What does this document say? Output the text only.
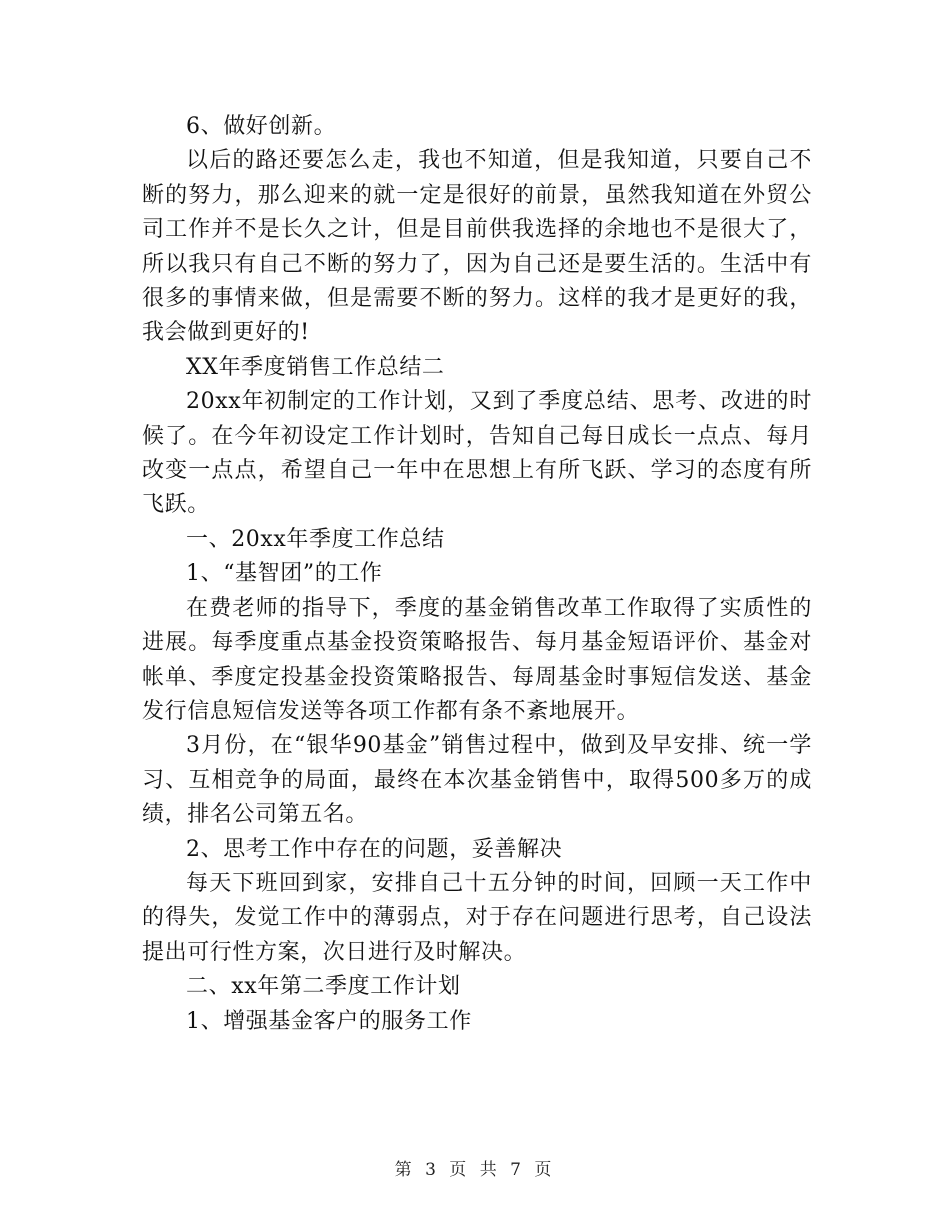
6、做好创新。

以后的路还要怎么走，我也不知道，但是我知道，只要自己不断的努力，那么迎来的就一定是很好的前景，虽然我知道在外贸公司工作并不是长久之计，但是目前供我选择的余地也不是很大了，所以我只有自己不断的努力了，因为自己还是要生活的。生活中有很多的事情来做，但是需要不断的努力。这样的我才是更好的我，我会做到更好的!

XX年季度销售工作总结二

20xx年初制定的工作计划，又到了季度总结、思考、改进的时候了。在今年初设定工作计划时，告知自己每日成长一点点、每月改变一点点，希望自己一年中在思想上有所飞跃、学习的态度有所飞跃。

一、20xx年季度工作总结

1、“基智团”的工作

在费老师的指导下，季度的基金销售改革工作取得了实质性的进展。每季度重点基金投资策略报告、每月基金短语评价、基金对帐单、季度定投基金投资策略报告、每周基金时事短信发送、基金发行信息短信发送等各项工作都有条不紊地展开。

3月份，在“银华90基金”销售过程中，做到及早安排、统一学习、互相竞争的局面，最终在本次基金销售中，取得500多万的成绩，排名公司第五名。

2、思考工作中存在的问题，妥善解决

每天下班回到家，安排自己十五分钟的时间，回顾一天工作中的得失，发觉工作中的薄弱点，对于存在问题进行思考，自己设法提出可行性方案，次日进行及时解决。

二、xx年第二季度工作计划

1、增强基金客户的服务工作

第 3 页 共 7 页
